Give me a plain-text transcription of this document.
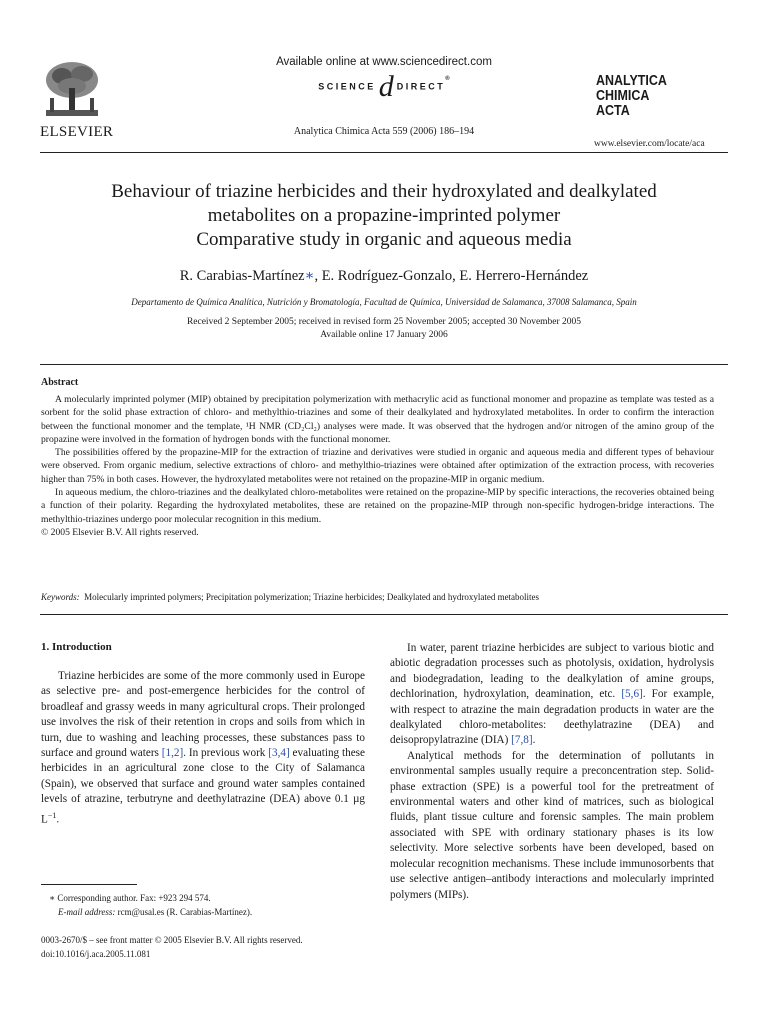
ELSEVIER
Available online at www.sciencedirect.com
SCIENCE d DIRECT®
Analytica Chimica Acta 559 (2006) 186–194
ANALYTICA
CHIMICA
ACTA
www.elsevier.com/locate/aca
Behaviour of triazine herbicides and their hydroxylated and dealkylated
metabolites on a propazine-imprinted polymer
Comparative study in organic and aqueous media
R. Carabias-Martínez∗, E. Rodríguez-Gonzalo, E. Herrero-Hernández
Departamento de Química Analítica, Nutrición y Bromatología, Facultad de Química, Universidad de Salamanca, 37008 Salamanca, Spain
Received 2 September 2005; received in revised form 25 November 2005; accepted 30 November 2005
Available online 17 January 2006
Abstract

A molecularly imprinted polymer (MIP) obtained by precipitation polymerization with methacrylic acid as functional monomer and propazine as template was tested as a sorbent for the solid phase extraction of chloro- and methylthio-triazines and some of their dealkylated and hydroxylated metabolites. In order to confirm the interaction between the functional monomer and the template, ¹H NMR (CD₂Cl₂) analyses were made. It was observed that the hydrogen and/or nitrogen of the amino group of the propazine were involved in the formation of hydrogen bonds with the functional monomer.

The possibilities offered by the propazine-MIP for the extraction of triazine and derivatives were studied in organic and aqueous media and different types of behaviour were observed. From organic medium, selective extractions of chloro- and methylthio-triazines were obtained after optimization of the extraction process, with recoveries higher than 75% in both cases. However, the hydroxylated metabolites were not retained on the propazine-MIP in organic medium.

In aqueous medium, the chloro-triazines and the dealkylated chloro-metabolites were retained on the propazine-MIP by specific interactions, the recoveries obtained being a function of their polarity. Regarding the hydroxylated metabolites, these are retained on the propazine-MIP through non-specific hydrogen-bridge interactions. The methylthio-triazines undergo poor molecular recognition in this medium.

© 2005 Elsevier B.V. All rights reserved.

Keywords: Molecularly imprinted polymers; Precipitation polymerization; Triazine herbicides; Dealkylated and hydroxylated metabolites
1. Introduction

Triazine herbicides are some of the more commonly used in Europe as selective pre- and post-emergence herbicides for the control of broadleaf and grassy weeds in many agricultural crops. Their prolonged use involves the risk of their retention in crops and soils from which in turn, due to washing and leaching processes, these substances pass to surface and ground waters [1,2]. In previous work [3,4] evaluating these herbicides in an agricultural zone close to the City of Salamanca (Spain), we observed that surface and ground water samples contained levels of atrazine, terbutryne and deethylatrazine (DEA) above 0.1 µg $L^{-1}$.

In water, parent triazine herbicides are subject to various biotic and abiotic degradation processes such as photolysis, oxidation, hydrolysis and biodegradation, leading to the dealkylation of amine groups, dechlorination, hydroxylation, deamination, etc. [5,6]. For example, with respect to atrazine the main degradation products in water are the dealkylated chloro-metabolites: deethylatrazine (DEA) and deisopropylatrazine (DIA) [7,8].

Analytical methods for the determination of pollutants in environmental samples usually require a preconcentration step. Solid-phase extraction (SPE) is a powerful tool for the pretreatment of environmental waters and other kind of matrices, such as biological fluids, plant tissue culture and forensic samples. The main problem associated with SPE with ordinary stationary phases is its low selectivity. More selective sorbents have been developed, based on molecular recognition mechanisms. These include immunosorbents that use selective antigen–antibody interactions and molecularly imprinted polymers (MIPs).

∗ Corresponding author. Fax: +923 294 574.

E-mail address: rcm@usal.es (R. Carabias-Martínez).

0003-2670/$ – see front matter © 2005 Elsevier B.V. All rights reserved.

doi:10.1016/j.aca.2005.11.081
